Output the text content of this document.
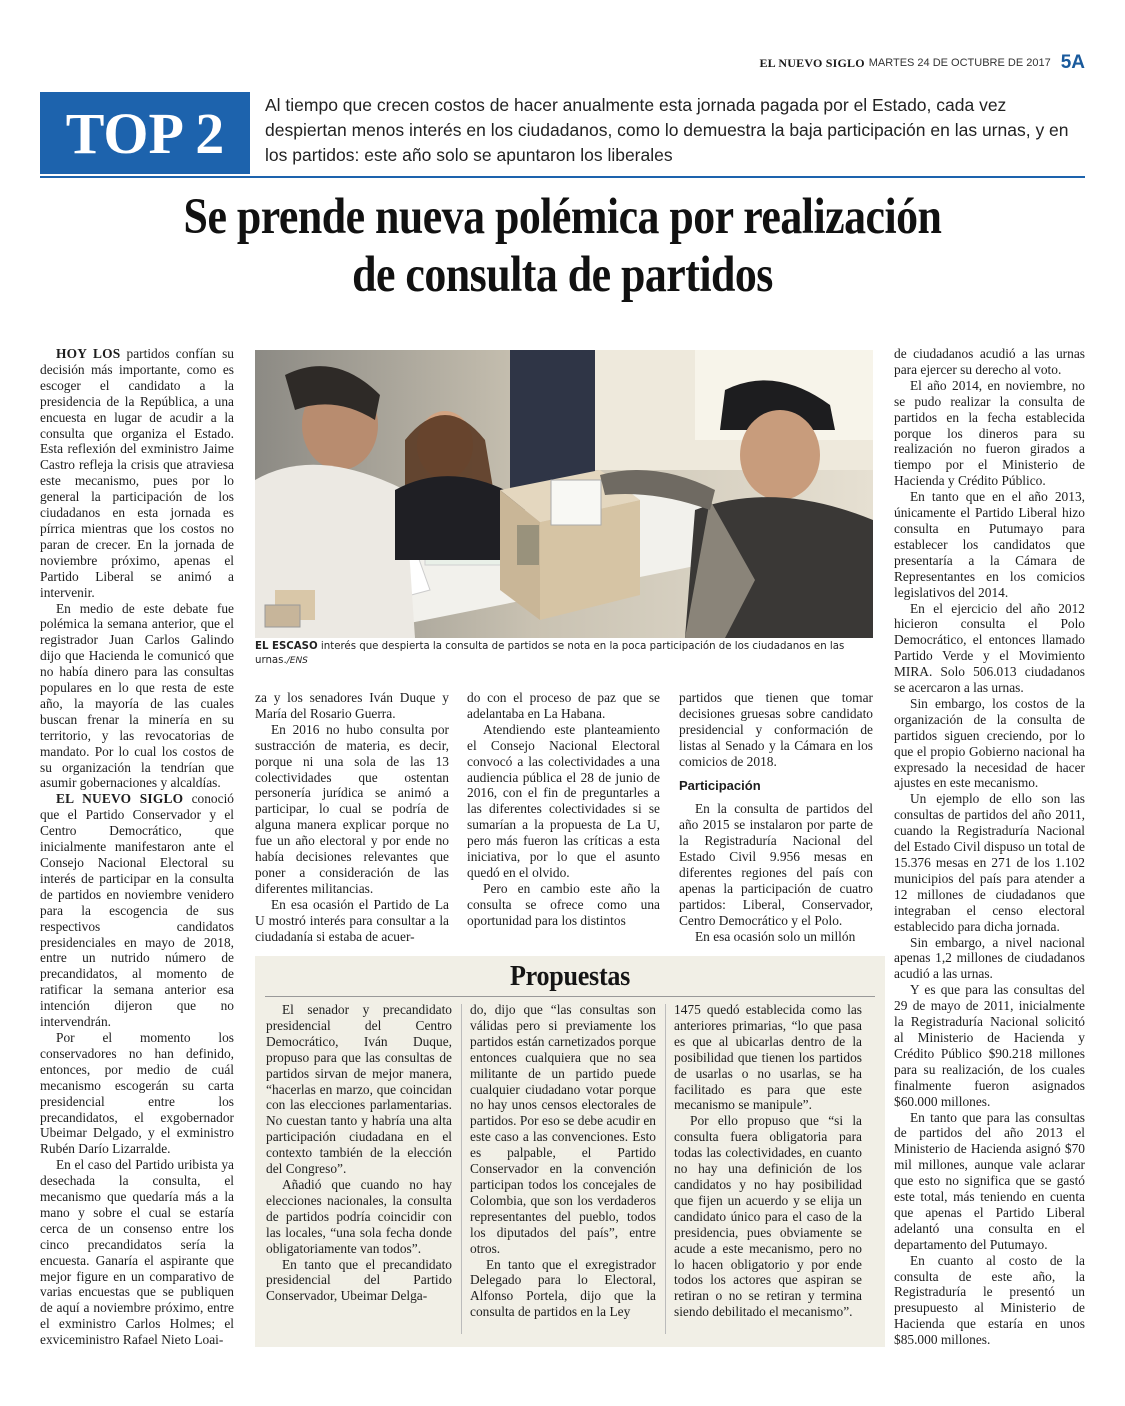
EL NUEVO SIGLO MARTES 24 DE OCTUBRE DE 2017 5A
TOP 2	Al tiempo que crecen costos de hacer anualmente esta jornada pagada por el Estado, cada vez despiertan menos interés en los ciudadanos, como lo demuestra la baja participación en las urnas, y en los partidos: este año solo se apuntaron los liberales
Se prende nueva polémica por realización
de consulta de partidos

HOY LOS partidos confían su decisión más importante, como es escoger el candidato a la presidencia de la República, a una encuesta en lugar de acudir a la consulta que organiza el Estado. Esta reflexión del exministro Jaime Castro refleja la crisis que atraviesa este mecanismo, pues por lo general la participación de los ciudadanos en esta jornada es pírrica mientras que los costos no paran de crecer. En la jornada de noviembre próximo, apenas el Partido Liberal se animó a intervenir.

En medio de este debate fue polémica la semana anterior, que el registrador Juan Carlos Galindo dijo que Hacienda le comunicó que no había dinero para las consultas populares en lo que resta de este año, la mayoría de las cuales buscan frenar la minería en su territorio, y las revocatorias de mandato. Por lo cual los costos de su organización la tendrían que asumir gobernaciones y alcaldías.

EL NUEVO SIGLO conoció que el Partido Conservador y el Centro Democrático, que inicialmente manifestaron ante el Consejo Nacional Electoral su interés de participar en la consulta de partidos en noviembre venidero para la escogencia de sus respectivos candidatos presidenciales en mayo de 2018, entre un nutrido número de precandidatos, al momento de ratificar la semana anterior esa intención dijeron que no intervendrán.

Por el momento los conservadores no han definido, entonces, por medio de cuál mecanismo escogerán su carta presidencial entre los precandidatos, el exgobernador Ubeimar Delgado, y el exministro Rubén Darío Lizarralde.

En el caso del Partido uribista ya desechada la consulta, el mecanismo que quedaría más a la mano y sobre el cual se estaría cerca de un consenso entre los cinco precandidatos sería la encuesta. Ganaría el aspirante que mejor figure en un comparativo de varias encuestas que se publiquen de aquí a noviembre próximo, entre el exministro Carlos Holmes; el exviceministro Rafael Nieto Loai-

EL ESCASO interés que despierta la consulta de partidos se nota en la poca participación de los ciudadanos en las urnas./ENS

za y los senadores Iván Duque y María del Rosario Guerra.

En 2016 no hubo consulta por sustracción de materia, es decir, porque ni una sola de las 13 colectividades que ostentan personería jurídica se animó a participar, lo cual se podría de alguna manera explicar porque no fue un año electoral y por ende no había decisiones relevantes que poner a consideración de las diferentes militancias.

En esa ocasión el Partido de La U mostró interés para consultar a la ciudadanía si estaba de acuer-

do con el proceso de paz que se adelantaba en La Habana.

Atendiendo este planteamiento el Consejo Nacional Electoral convocó a las colectividades a una audiencia pública el 28 de junio de 2016, con el fin de preguntarles a las diferentes colectividades si se sumarían a la propuesta de La U, pero más fueron las críticas a esta iniciativa, por lo que el asunto quedó en el olvido.

Pero en cambio este año la consulta se ofrece como una oportunidad para los distintos

partidos que tienen que tomar decisiones gruesas sobre candidato presidencial y conformación de listas al Senado y la Cámara en los comicios de 2018.

Participación

En la consulta de partidos del año 2015 se instalaron por parte de la Registraduría Nacional del Estado Civil 9.956 mesas en diferentes regiones del país con apenas la participación de cuatro partidos: Liberal, Conservador, Centro Democrático y el Polo.

En esa ocasión solo un millón

de ciudadanos acudió a las urnas para ejercer su derecho al voto.

El año 2014, en noviembre, no se pudo realizar la consulta de partidos en la fecha establecida porque los dineros para su realización no fueron girados a tiempo por el Ministerio de Hacienda y Crédito Público.

En tanto que en el año 2013, únicamente el Partido Liberal hizo consulta en Putumayo para establecer los candidatos que presentaría a la Cámara de Representantes en los comicios legislativos del 2014.

En el ejercicio del año 2012 hicieron consulta el Polo Democrático, el entonces llamado Partido Verde y el Movimiento MIRA. Solo 506.013 ciudadanos se acercaron a las urnas.

Sin embargo, los costos de la organización de la consulta de partidos siguen creciendo, por lo que el propio Gobierno nacional ha expresado la necesidad de hacer ajustes en este mecanismo.

Un ejemplo de ello son las consultas de partidos del año 2011, cuando la Registraduría Nacional del Estado Civil dispuso un total de 15.376 mesas en 271 de los 1.102 municipios del país para atender a 12 millones de ciudadanos que integraban el censo electoral establecido para dicha jornada.

Sin embargo, a nivel nacional apenas 1,2 millones de ciudadanos acudió a las urnas.

Y es que para las consultas del 29 de mayo de 2011, inicialmente la Registraduría Nacional solicitó al Ministerio de Hacienda y Crédito Público $90.218 millones para su realización, de los cuales finalmente fueron asignados $60.000 millones.

En tanto que para las consultas de partidos del año 2013 el Ministerio de Hacienda asignó $70 mil millones, aunque vale aclarar que esto no significa que se gastó este total, más teniendo en cuenta que apenas el Partido Liberal adelantó una consulta en el departamento del Putumayo.

En cuanto al costo de la consulta de este año, la Registraduría le presentó un presupuesto al Ministerio de Hacienda que estaría en unos $85.000 millones.

Propuestas

El senador y precandidato presidencial del Centro Democrático, Iván Duque, propuso para que las consultas de partidos sirvan de mejor manera, “hacerlas en marzo, que coincidan con las elecciones parlamentarias. No cuestan tanto y habría una alta participación ciudadana en el contexto también de la elección del Congreso”.

Añadió que cuando no hay elecciones nacionales, la consulta de partidos podría coincidir con las locales, “una sola fecha donde obligatoriamente van todos”.

En tanto que el precandidato presidencial del Partido Conservador, Ubeimar Delga-

do, dijo que “las consultas son válidas pero si previamente los partidos están carnetizados porque entonces cualquiera que no sea militante de un partido puede cualquier ciudadano votar porque no hay unos censos electorales de partidos. Por eso se debe acudir en este caso a las convenciones. Esto es palpable, el Partido Conservador en la convención participan todos los concejales de Colombia, que son los verdaderos representantes del pueblo, todos los diputados del país”, entre otros.

En tanto que el exregistrador Delegado para lo Electoral, Alfonso Portela, dijo que la consulta de partidos en la Ley

1475 quedó establecida como las anteriores primarias, “lo que pasa es que al ubicarlas dentro de la posibilidad que tienen los partidos de usarlas o no usarlas, se ha facilitado es para que este mecanismo se manipule”.

Por ello propuso que “si la consulta fuera obligatoria para todas las colectividades, en cuanto no hay una definición de los candidatos y no hay posibilidad que fijen un acuerdo y se elija un candidato único para el caso de la presidencia, pues obviamente se acude a este mecanismo, pero no lo hacen obligatorio y por ende todos los actores que aspiran se retiran o no se retiran y termina siendo debilitado el mecanismo”.
